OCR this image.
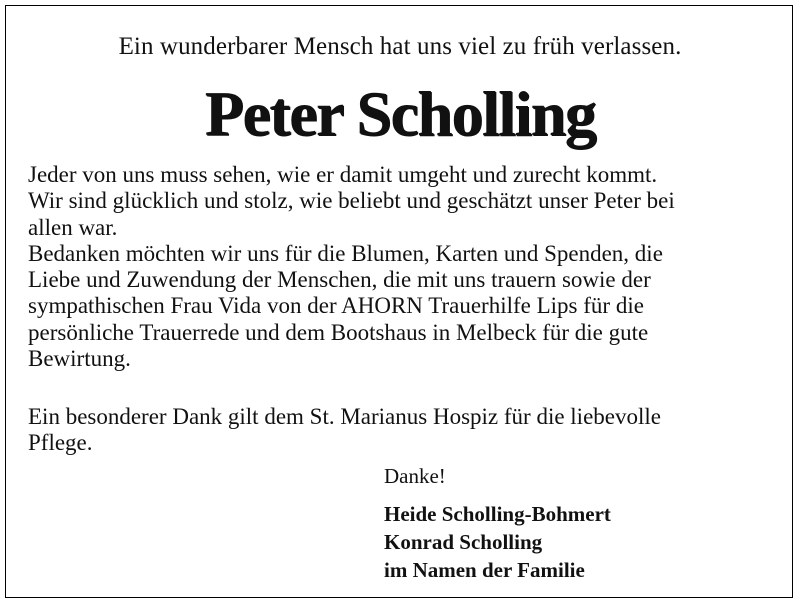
Ein wunderbarer Mensch hat uns viel zu früh verlassen.
Peter Scholling

Jeder von uns muss sehen, wie er damit umgeht und zurecht kommt.
Wir sind glücklich und stolz, wie beliebt und geschätzt unser Peter bei
allen war.
Bedanken möchten wir uns für die Blumen, Karten und Spenden, die
Liebe und Zuwendung der Menschen, die mit uns trauern sowie der
sympathischen Frau Vida von der AHORN Trauerhilfe Lips für die
persönliche Trauerrede und dem Bootshaus in Melbeck für die gute
Bewirtung.

Ein besonderer Dank gilt dem St. Marianus Hospiz für die liebevolle
Pflege.

Danke!
Heide Scholling-Bohmert
Konrad Scholling
im Namen der Familie
